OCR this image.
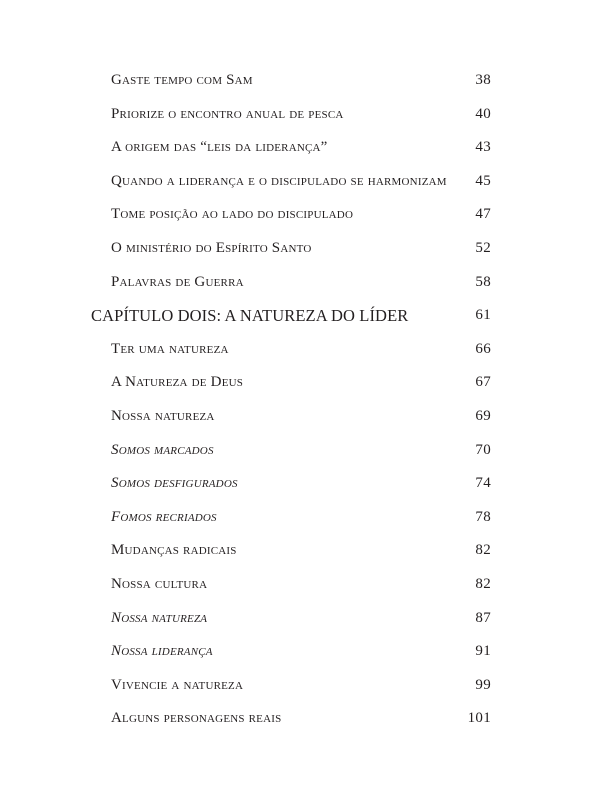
Gaste tempo com Sam	38
Priorize o encontro anual de pesca	40
A origem das “leis da liderança”	43
Quando a liderança e o discipulado se harmonizam 45
Tome posição ao lado do discipulado	47
O ministério do Espírito Santo	52
Palavras de Guerra	58
CAPÍTULO DOIS: A NATUREZA DO LÍDER	61
Ter uma natureza	66
A Natureza de Deus	67
Nossa natureza	69
Somos marcados	70
Somos desfigurados	74
Fomos recriados	78
Mudanças radicais	82
Nossa cultura	82
Nossa natureza	87
Nossa liderança	91
Vivencie a natureza	99
Alguns personagens reais	101
